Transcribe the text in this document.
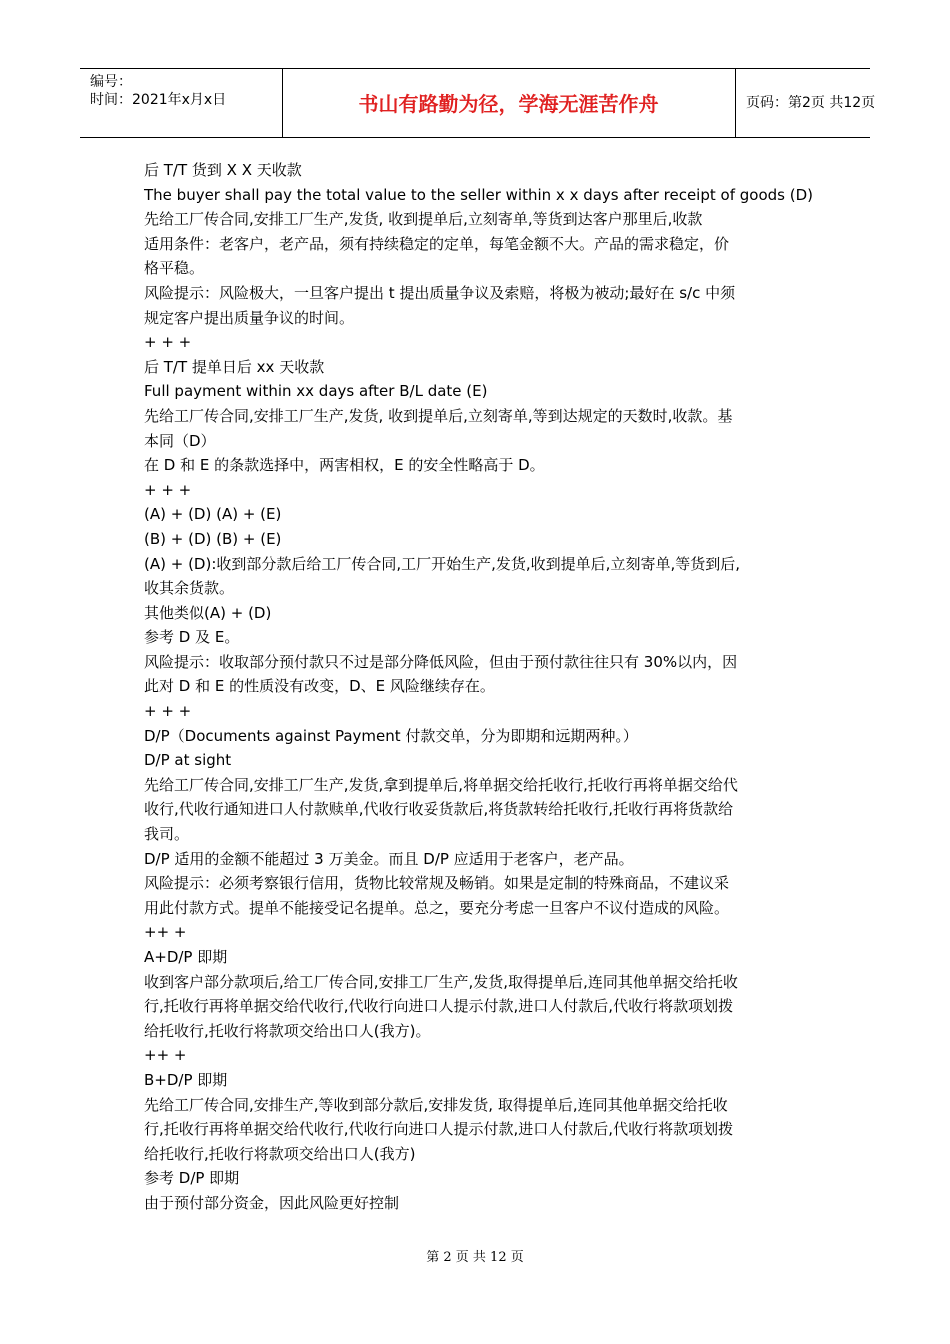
编号：
时间：2021年x月x日	书山有路勤为径，学海无涯苦作舟	页码：第2页 共12页
后 T/T 货到 X X 天收款
The buyer shall pay the total value to the seller within x x days after receipt of goods (D)
先给工厂传合同,安排工厂生产,发货, 收到提单后,立刻寄单,等货到达客户那里后,收款
适用条件：老客户，老产品，须有持续稳定的定单，每笔金额不大。产品的需求稳定，价
格平稳。
风险提示：风险极大，一旦客户提出 t 提出质量争议及索赔，将极为被动;最好在 s/c 中须
规定客户提出质量争议的时间。
+ + +
后 T/T 提单日后 xx 天收款
Full payment within xx days after B/L date (E)
先给工厂传合同,安排工厂生产,发货, 收到提单后,立刻寄单,等到达规定的天数时,收款。基
本同（D）
在 D 和 E 的条款选择中，两害相权，E 的安全性略高于 D。
+ + +
(A) + (D) (A) + (E)
(B) + (D) (B) + (E)
(A) + (D):收到部分款后给工厂传合同,工厂开始生产,发货,收到提单后,立刻寄单,等货到后,
收其余货款。
其他类似(A) + (D)
参考 D 及 E。
风险提示：收取部分预付款只不过是部分降低风险，但由于预付款往往只有 30%以内，因
此对 D 和 E 的性质没有改变，D、E 风险继续存在。
+ + +
D/P（Documents against Payment 付款交单，分为即期和远期两种。）
D/P at sight
先给工厂传合同,安排工厂生产,发货,拿到提单后,将单据交给托收行,托收行再将单据交给代
收行,代收行通知进口人付款赎单,代收行收妥货款后,将货款转给托收行,托收行再将货款给
我司。
D/P 适用的金额不能超过 3 万美金。而且 D/P 应适用于老客户，老产品。
风险提示：必须考察银行信用，货物比较常规及畅销。如果是定制的特殊商品，不建议采
用此付款方式。提单不能接受记名提单。总之，要充分考虑一旦客户不议付造成的风险。
++ +
A+D/P 即期
收到客户部分款项后,给工厂传合同,安排工厂生产,发货,取得提单后,连同其他单据交给托收
行,托收行再将单据交给代收行,代收行向进口人提示付款,进口人付款后,代收行将款项划拨
给托收行,托收行将款项交给出口人(我方)。
++ +
B+D/P 即期
先给工厂传合同,安排生产,等收到部分款后,安排发货, 取得提单后,连同其他单据交给托收
行,托收行再将单据交给代收行,代收行向进口人提示付款,进口人付款后,代收行将款项划拨
给托收行,托收行将款项交给出口人(我方)
参考 D/P 即期
由于预付部分资金，因此风险更好控制
第 2 页 共 12 页
